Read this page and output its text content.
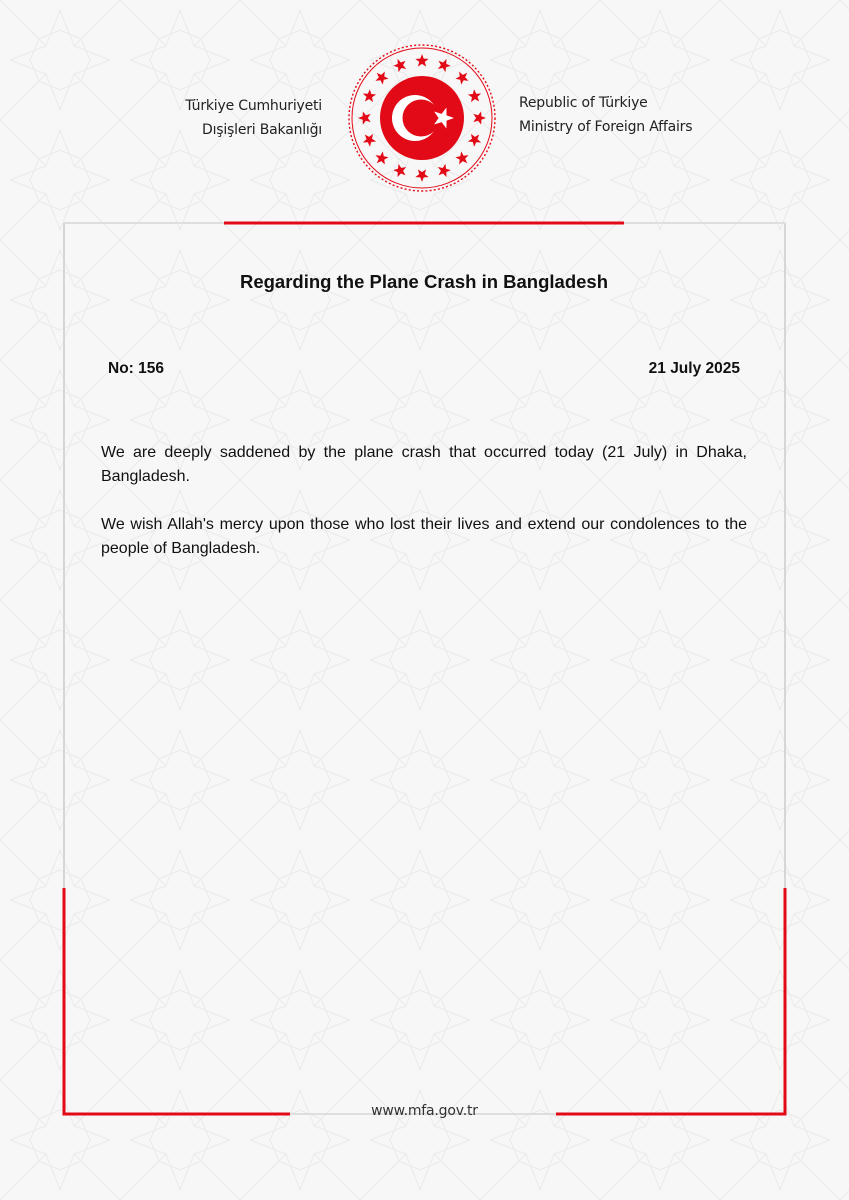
Türkiye Cumhuriyeti
Dışişleri Bakanlığı
Republic of Türkiye
Ministry of Foreign Affairs
Regarding the Plane Crash in Bangladesh
No: 156	21 July 2025

We are deeply saddened by the plane crash that occurred today (21 July) in Dhaka, Bangladesh.

We wish Allah's mercy upon those who lost their lives and extend our condolences to the people of Bangladesh.

www.mfa.gov.tr
